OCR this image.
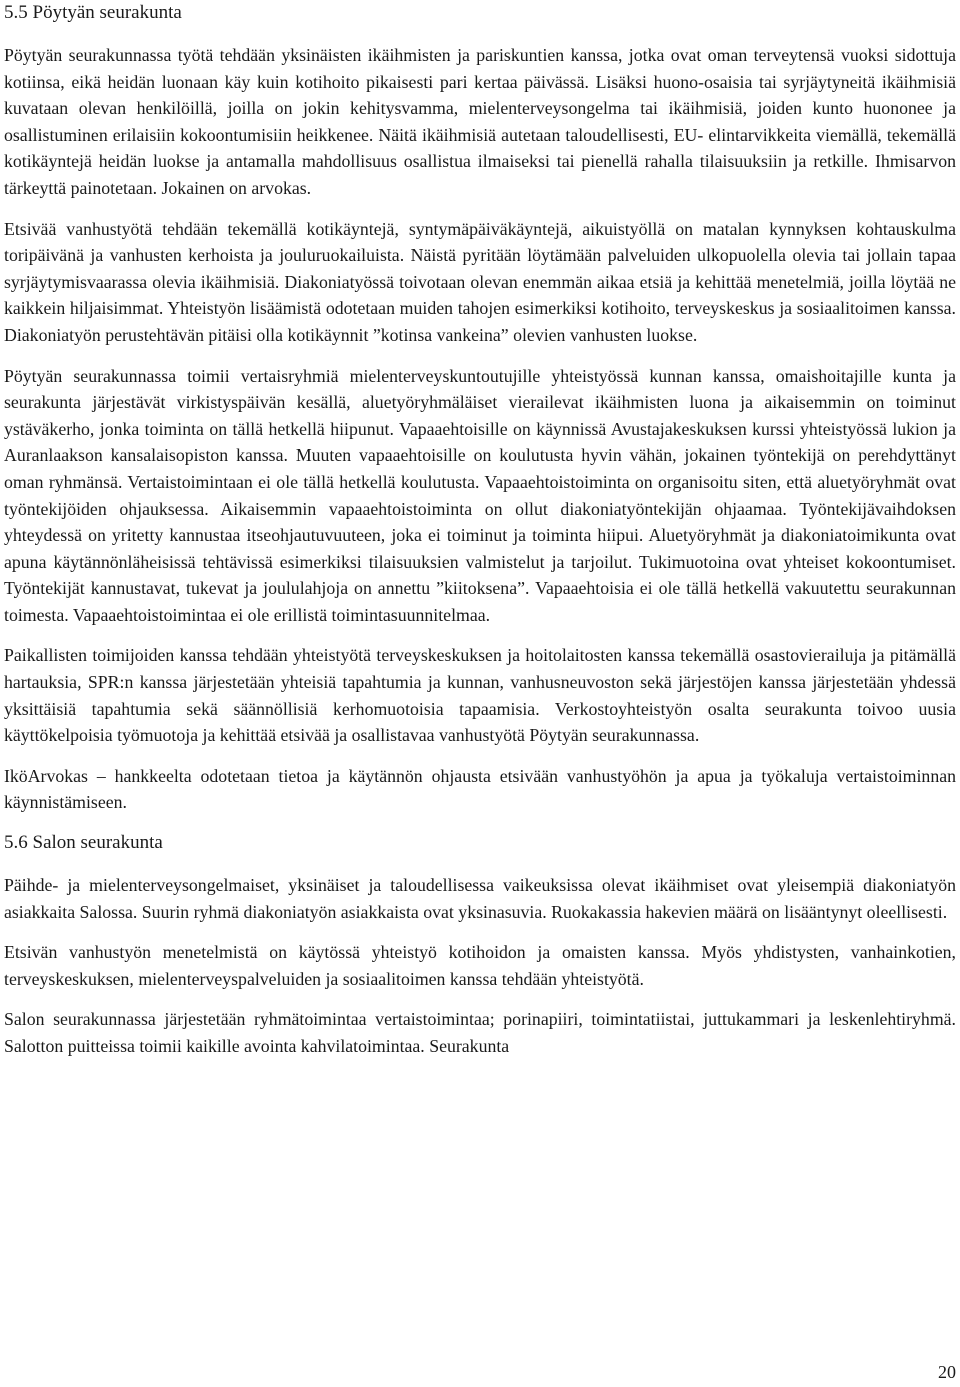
5.5 Pöytyän seurakunta

Pöytyän seurakunnassa työtä tehdään yksinäisten ikäihmisten ja pariskuntien kanssa, jotka ovat oman terveytensä vuoksi sidottuja kotiinsa, eikä heidän luonaan käy kuin kotihoito pikaisesti pari kertaa päivässä. Lisäksi huono-osaisia tai syrjäytyneitä ikäihmisiä kuvataan olevan henkilöillä, joilla on jokin kehitysvamma, mielenterveysongelma tai ikäihmisiä, joiden kunto huononee ja osallistuminen erilaisiin kokoontumisiin heikkenee. Näitä ikäihmisiä autetaan taloudellisesti, EU- elintarvikkeita viemällä, tekemällä kotikäyntejä heidän luokse ja antamalla mahdollisuus osallistua ilmaiseksi tai pienellä rahalla tilaisuuksiin ja retkille. Ihmisarvon tärkeyttä painotetaan. Jokainen on arvokas.

Etsivää vanhustyötä tehdään tekemällä kotikäyntejä, syntymäpäiväkäyntejä, aikuistyöllä on matalan kynnyksen kohtauskulma toripäivänä ja vanhusten kerhoista ja jouluruokailuista. Näistä pyritään löytämään palveluiden ulkopuolella olevia tai jollain tapaa syrjäytymisvaarassa olevia ikäihmisiä. Diakoniatyössä toivotaan olevan enemmän aikaa etsiä ja kehittää menetelmiä, joilla löytää ne kaikkein hiljaisimmat. Yhteistyön lisäämistä odotetaan muiden tahojen esimerkiksi kotihoito, terveyskeskus ja sosiaalitoimen kanssa. Diakoniatyön perustehtävän pitäisi olla kotikäynnit ”kotinsa vankeina” olevien vanhusten luokse.

Pöytyän seurakunnassa toimii vertaisryhmiä mielenterveyskuntoutujille yhteistyössä kunnan kanssa, omaishoitajille kunta ja seurakunta järjestävät virkistyspäivän kesällä, aluetyöryhmäläiset vierailevat ikäihmisten luona ja aikaisemmin on toiminut ystäväkerho, jonka toiminta on tällä hetkellä hiipunut. Vapaaehtoisille on käynnissä Avustajakeskuksen kurssi yhteistyössä lukion ja Auranlaakson kansalaisopiston kanssa. Muuten vapaaehtoisille on koulutusta hyvin vähän, jokainen työntekijä on perehdyttänyt oman ryhmänsä. Vertaistoimintaan ei ole tällä hetkellä koulutusta. Vapaaehtoistoiminta on organisoitu siten, että aluetyöryhmät ovat työntekijöiden ohjauksessa. Aikaisemmin vapaaehtoistoiminta on ollut diakoniatyöntekijän ohjaamaa. Työntekijävaihdoksen yhteydessä on yritetty kannustaa itseohjautuvuuteen, joka ei toiminut ja toiminta hiipui. Aluetyöryhmät ja diakoniatoimikunta ovat apuna käytännönläheisissä tehtävissä esimerkiksi tilaisuuksien valmistelut ja tarjoilut. Tukimuotoina ovat yhteiset kokoontumiset. Työntekijät kannustavat, tukevat ja joululahjoja on annettu ”kiitoksena”. Vapaaehtoisia ei ole tällä hetkellä vakuutettu seurakunnan toimesta. Vapaaehtoistoimintaa ei ole erillistä toimintasuunnitelmaa.

Paikallisten toimijoiden kanssa tehdään yhteistyötä terveyskeskuksen ja hoitolaitosten kanssa tekemällä osastovierailuja ja pitämällä hartauksia, SPR:n kanssa järjestetään yhteisiä tapahtumia ja kunnan, vanhusneuvoston sekä järjestöjen kanssa järjestetään yhdessä yksittäisiä tapahtumia sekä säännöllisiä kerhomuotoisia tapaamisia. Verkostoyhteistyön osalta seurakunta toivoo uusia käyttökelpoisia työmuotoja ja kehittää etsivää ja osallistavaa vanhustyötä Pöytyän seurakunnassa.

IköArvokas – hankkeelta odotetaan tietoa ja käytännön ohjausta etsivään vanhustyöhön ja apua ja työkaluja vertaistoiminnan käynnistämiseen.

5.6 Salon seurakunta

Päihde- ja mielenterveysongelmaiset, yksinäiset ja taloudellisessa vaikeuksissa olevat ikäihmiset ovat yleisempiä diakoniatyön asiakkaita Salossa. Suurin ryhmä diakoniatyön asiakkaista ovat yksinasuvia. Ruokakassia hakevien määrä on lisääntynyt oleellisesti.

Etsivän vanhustyön menetelmistä on käytössä yhteistyö kotihoidon ja omaisten kanssa. Myös yhdistysten, vanhainkotien, terveyskeskuksen, mielenterveyspalveluiden ja sosiaalitoimen kanssa tehdään yhteistyötä.

Salon seurakunnassa järjestetään ryhmätoimintaa vertaistoimintaa; porinapiiri, toimintatiistai, juttukammari ja leskenlehtiryhmä. Salotton puitteissa toimii kaikille avointa kahvilatoimintaa. Seurakunta

20
